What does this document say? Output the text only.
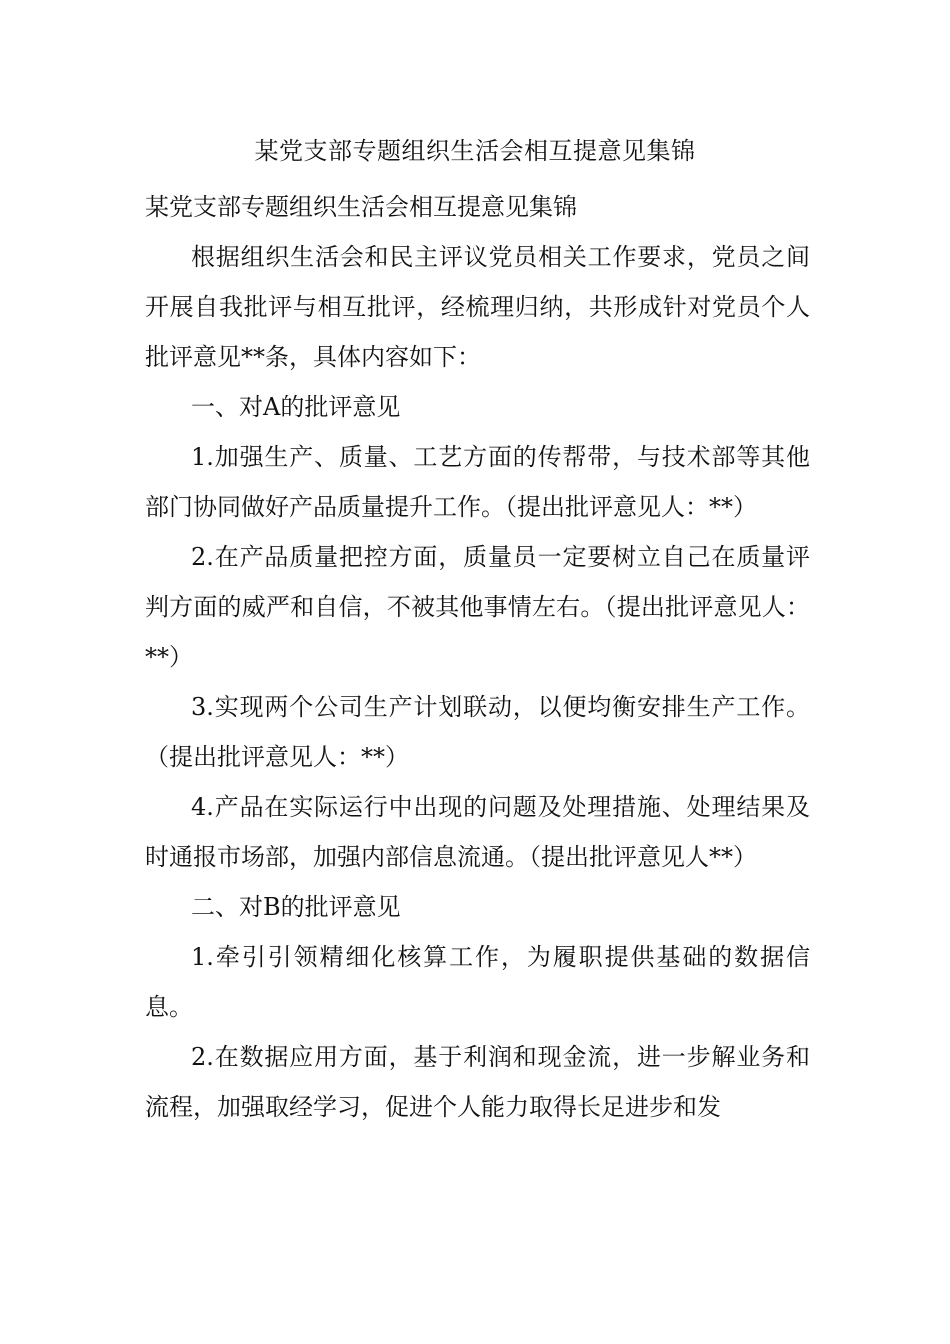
某党支部专题组织生活会相互提意见集锦

某党支部专题组织生活会相互提意见集锦

根据组织生活会和民主评议党员相关工作要求，党员之间开展自我批评与相互批评，经梳理归纳，共形成针对党员个人批评意见**条，具体内容如下：

一、对A的批评意见

1.加强生产、质量、工艺方面的传帮带，与技术部等其他部门协同做好产品质量提升工作。（提出批评意见人：**）

2.在产品质量把控方面，质量员一定要树立自己在质量评判方面的威严和自信，不被其他事情左右。（提出批评意见人：**）

3.实现两个公司生产计划联动，以便均衡安排生产工作。（提出批评意见人：**）

4.产品在实际运行中出现的问题及处理措施、处理结果及时通报市场部，加强内部信息流通。（提出批评意见人**）

二、对B的批评意见

1.牵引引领精细化核算工作，为履职提供基础的数据信息。

2.在数据应用方面，基于利润和现金流，进一步解业务和流程，加强取经学习，促进个人能力取得长足进步和发
